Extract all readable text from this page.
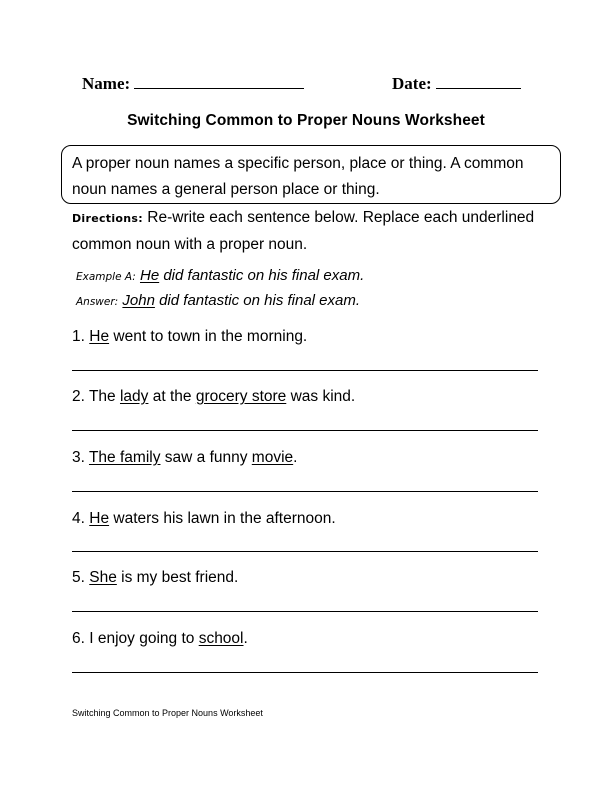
Name:	Date:
Switching Common to Proper Nouns Worksheet
A proper noun names a specific person, place or thing. A common noun names a general person place or thing.
Directions: Re-write each sentence below. Replace each underlined common noun with a proper noun.
Example A: He did fantastic on his final exam.
Answer: John did fantastic on his final exam.
1. He went to town in the morning.
2. The lady at the grocery store was kind.
3. The family saw a funny movie.
4. He waters his lawn in the afternoon.
5. She is my best friend.
6. I enjoy going to school.
Switching Common to Proper Nouns Worksheet
